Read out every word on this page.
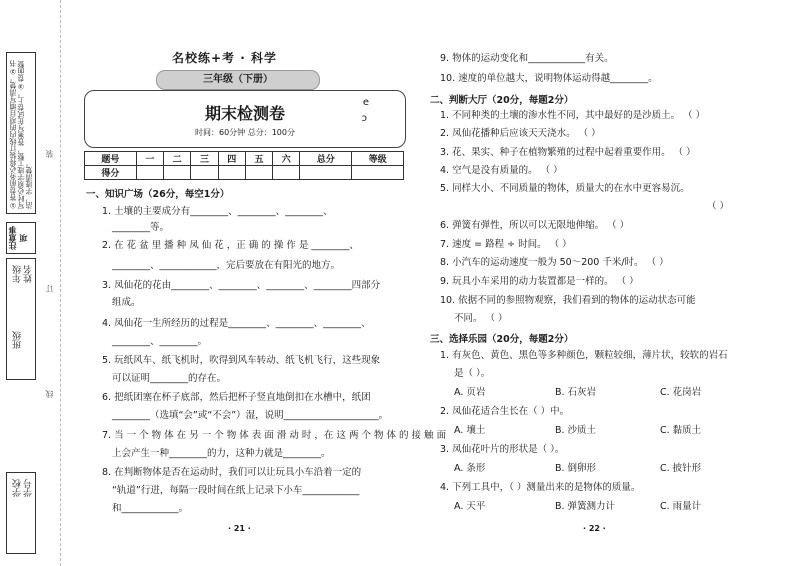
①答卷前务必将装订线内的项目填写清楚。②书写时必须字迹工整，答案写在试卷上。③卷面整洁，字迹清楚。
注意事项
年级
班级
姓名
学校 学号
装
订
线
名校练+考 · 科学
三年级（下册）
期末检测卷
时间：60分钟 总分：100分
e
ɔ
题号	一	二	三	四	五	六	总分	等级
得分								
一、知识广场（26分，每空1分）
1. 土壤的主要成分有________、________、________、
________等。
2. 在 花 盆 里 播 种 凤 仙 花 ，正 确 的 操 作 是 ________、
________、____________，完后要放在有阳光的地方。
3. 凤仙花的花由________、________、________、________四部分
组成。
4. 凤仙花一生所经历的过程是________、________、________、
________、________。
5. 玩纸风车、纸飞机时，吹得到风车转动、纸飞机飞行，这些现象
可以证明________的存在。
6. 把纸团塞在杯子底部，然后把杯子竖直地倒扣在水槽中，纸团
________（选填“会”或“不会”）湿，说明____________________。
7. 当 一 个 物 体 在 另 一 个 物 体 表 面 滑 动 时 ，在 这 两 个 物 体 的 接 触 面
上会产生一种________的力，这种力就是________。
8. 在判断物体是否在运动时，我们可以让玩具小车沿着一定的
“轨道”行进，每隔一段时间在纸上记录下小车____________
和____________。
· 21 ·
9. 物体的运动变化和____________有关。
10. 速度的单位越大，说明物体运动得越________。
二、判断大厅（20分，每题2分）
1. 不同种类的土壤的渗水性不同，其中最好的是沙质土。 （ ）
2. 凤仙花播种后应该天天浇水。 （ ）
3. 花、果实、种子在植物繁殖的过程中起着重要作用。 （ ）
4. 空气是没有质量的。 （ ）
5. 同样大小、不同质量的物体，质量大的在水中更容易沉。
（ ）
6. 弹簧有弹性，所以可以无限地伸缩。 （ ）
7. 速度 = 路程 ÷ 时间。 （ ）
8. 小汽车的运动速度一般为 50～200 千米/时。 （ ）
9. 玩具小车采用的动力装置都是一样的。 （ ）
10. 依据不同的参照物观察，我们看到的物体的运动状态可能
不同。 （ ）
三、选择乐园（20分，每题2分）
1. 有灰色、黄色、黑色等多种颜色，颗粒较细，薄片状，较软的岩石
是（ ）。
A. 页岩	B. 石灰岩	C. 花岗岩
2. 凤仙花适合生长在（ ）中。
A. 壤土	B. 沙质土	C. 黏质土
3. 凤仙花叶片的形状是（ ）。
A. 条形	B. 倒卵形	C. 披针形
4. 下列工具中，（ ）测量出来的是物体的质量。
A. 天平	B. 弹簧测力计	C. 雨量计
· 22 ·
